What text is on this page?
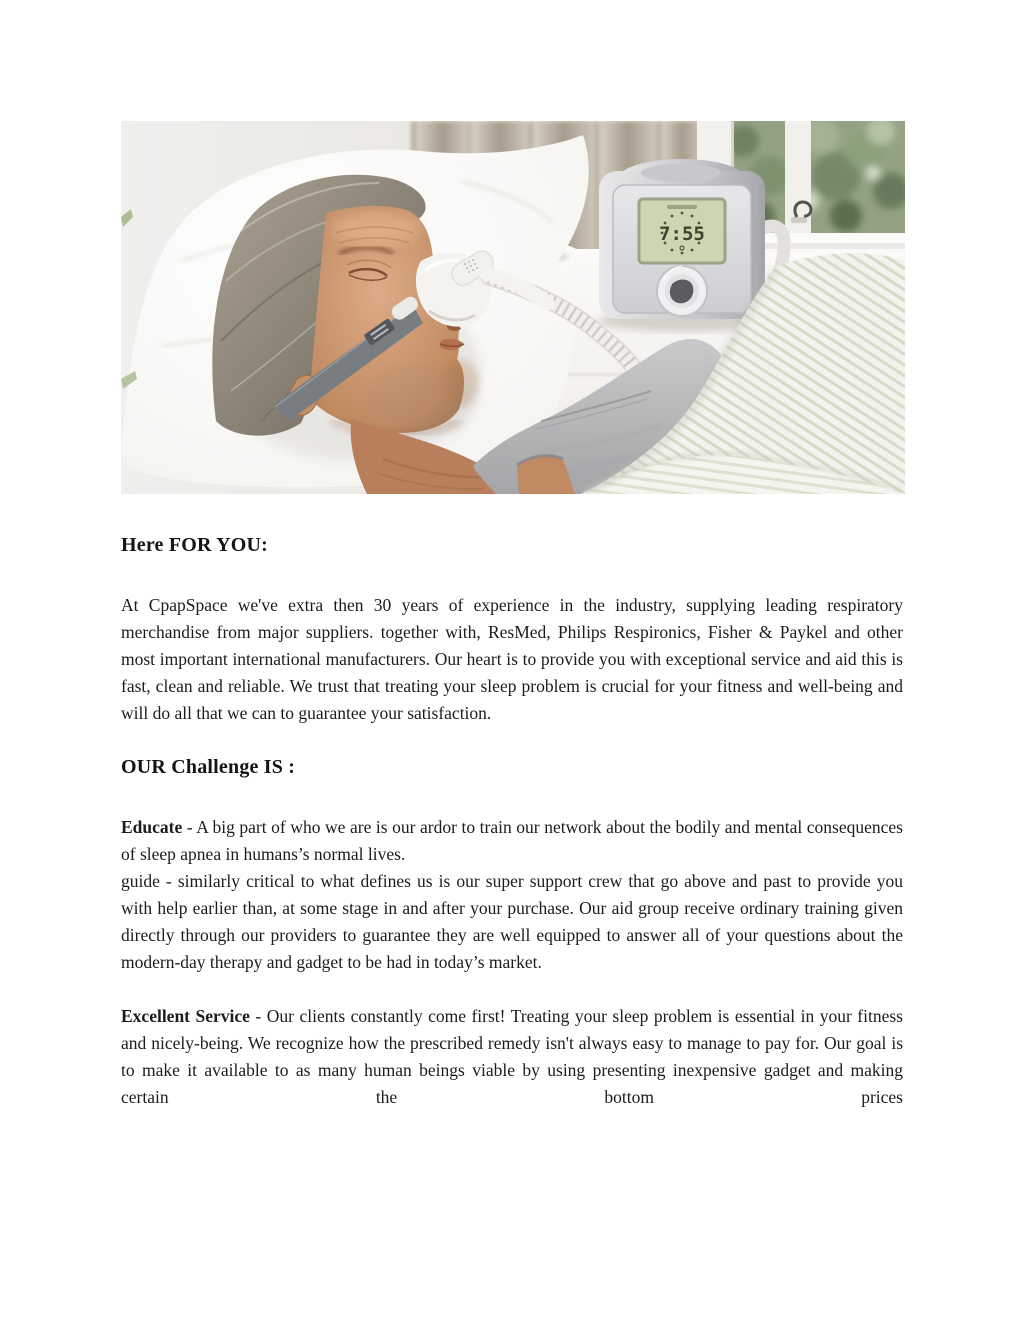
7:55
Here FOR YOU:

At CpapSpace we've extra then 30 years of experience in the industry, supplying leading respiratory merchandise from major suppliers. together with, ResMed, Philips Respironics, Fisher & Paykel and other most important international manufacturers. Our heart is to provide you with exceptional service and aid this is fast, clean and reliable. We trust that treating your sleep problem is crucial for your fitness and well-being and will do all that we can to guarantee your satisfaction.

OUR Challenge IS :

Educate - A big part of who we are is our ardor to train our network about the bodily and mental consequences of sleep apnea in humans’s normal lives.

guide - similarly critical to what defines us is our super support crew that go above and past to provide you with help earlier than, at some stage in and after your purchase. Our aid group receive ordinary training given directly through our providers to guarantee they are well equipped to answer all of your questions about the modern-day therapy and gadget to be had in today’s market.

Excellent Service - Our clients constantly come first! Treating your sleep problem is essential in your fitness and nicely-being. We recognize how the prescribed remedy isn't always easy to manage to pay for. Our goal is to make it available to as many human beings viable by using presenting inexpensive gadget and making certain the bottom prices
